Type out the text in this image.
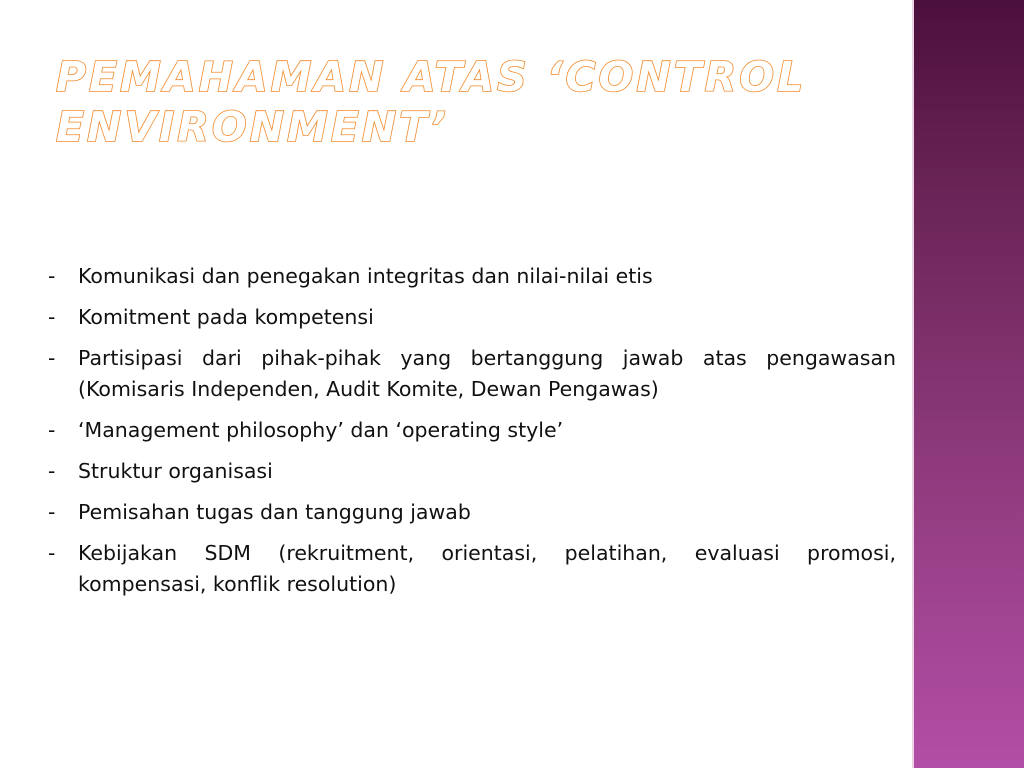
PEMAHAMAN ATAS ‘CONTROL
ENVIRONMENT’
- Komunikasi dan penegakan integritas dan nilai-nilai etis
- Komitment pada kompetensi
- Partisipasi dari pihak-pihak yang bertanggung jawab atas pengawasan (Komisaris Independen, Audit Komite, Dewan Pengawas)
- ‘Management philosophy’ dan ‘operating style’
- Struktur organisasi
- Pemisahan tugas dan tanggung jawab
- Kebijakan SDM (rekruitment, orientasi, pelatihan, evaluasi promosi, kompensasi, konflik resolution)
